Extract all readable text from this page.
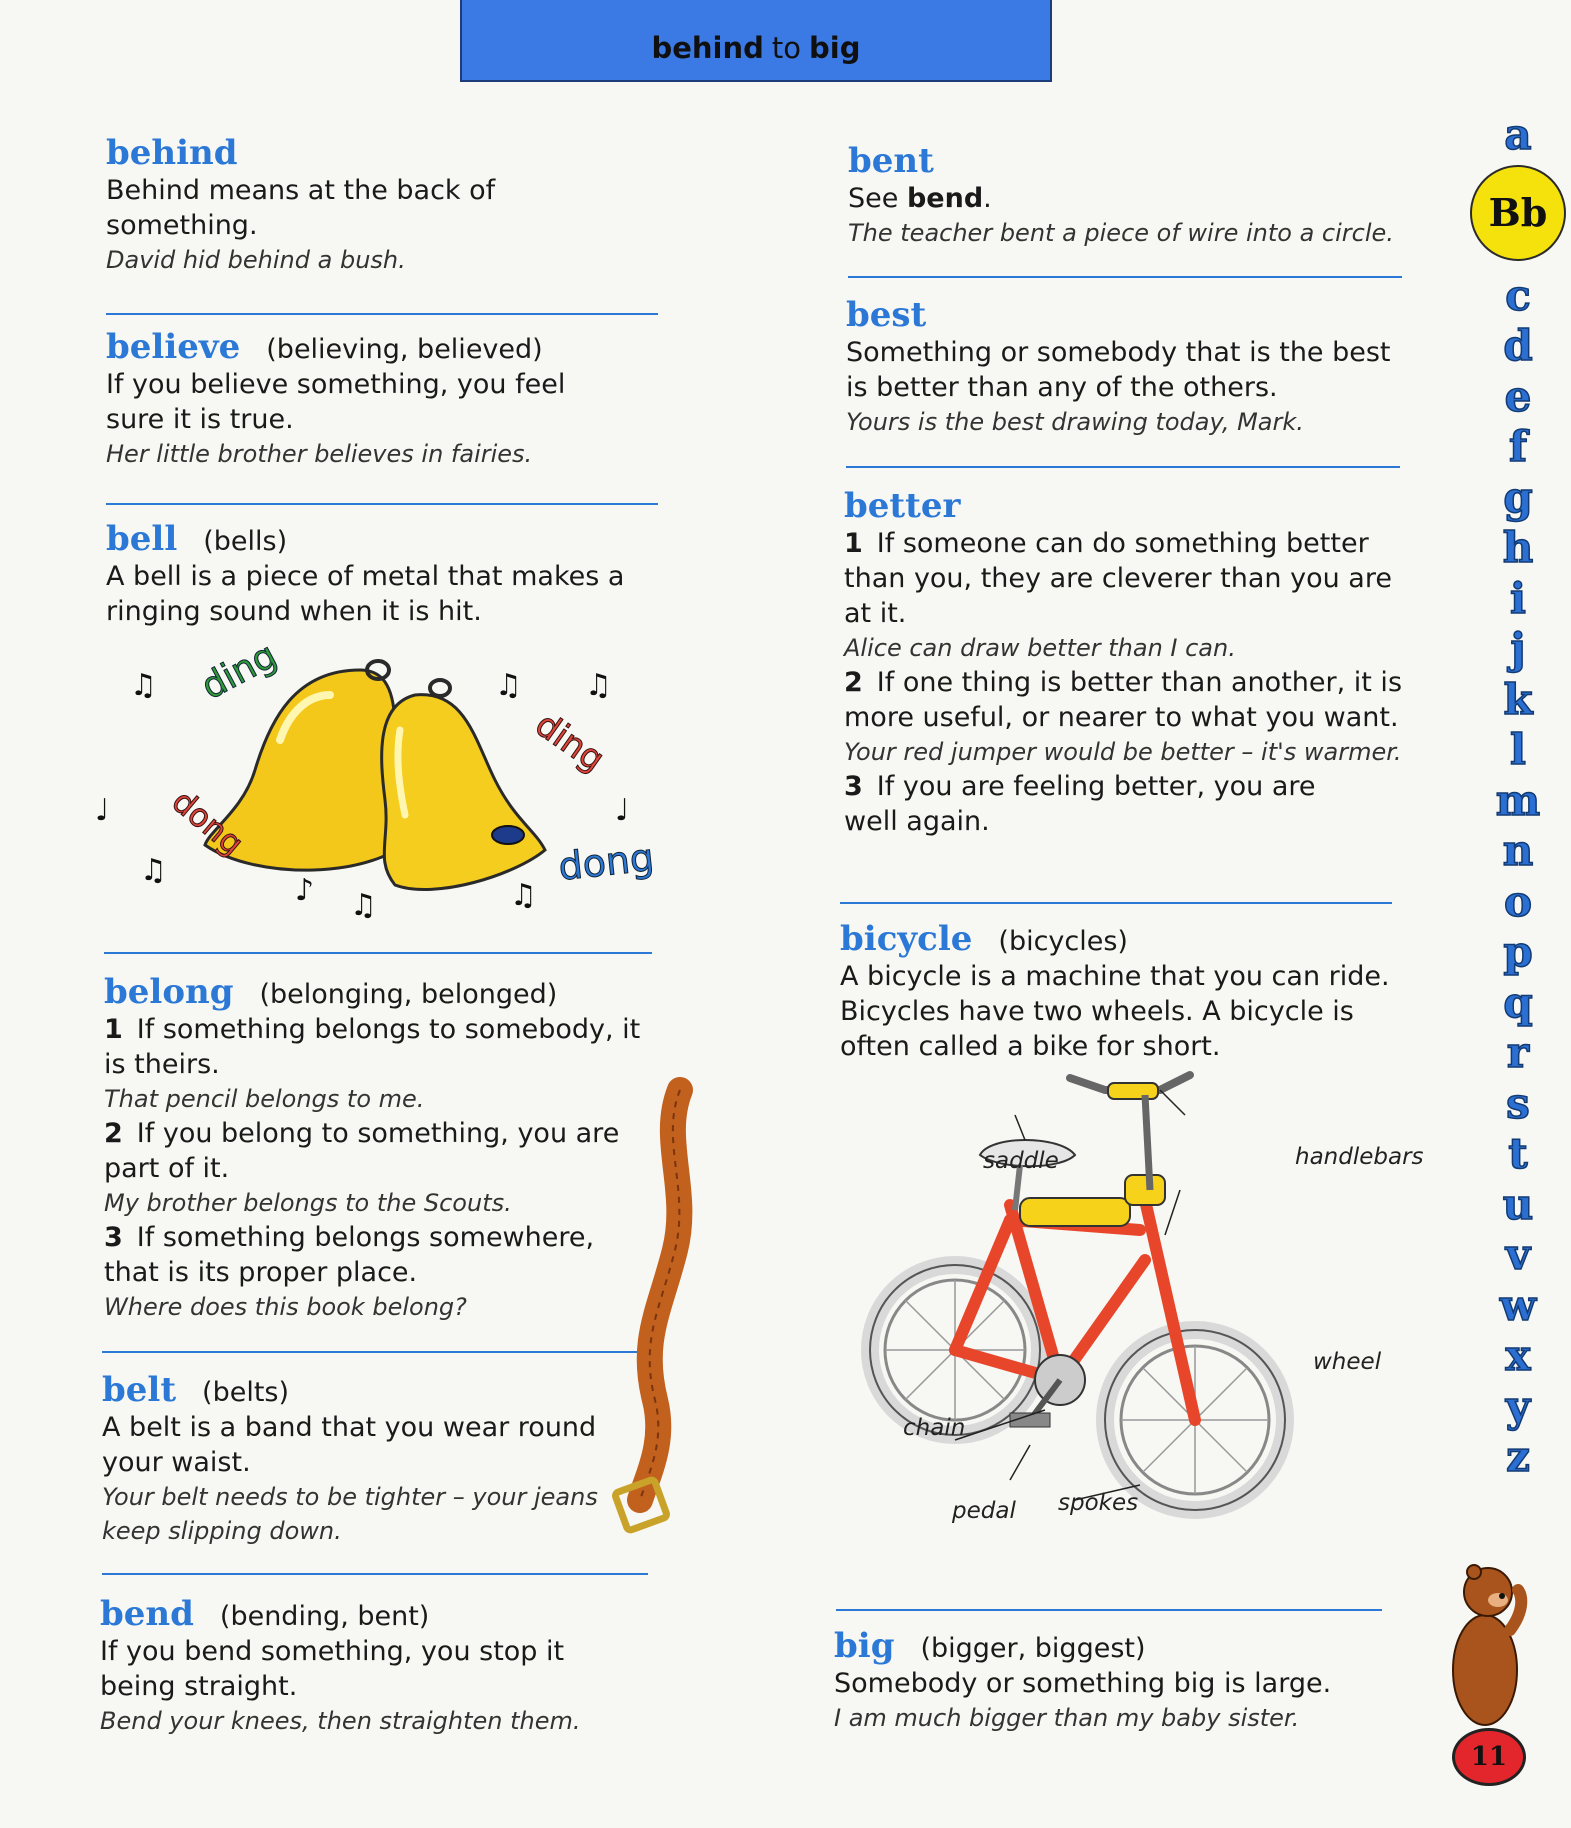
behind to big
behind
Behind means at the back of something.
David hid behind a bush.
believe (believing, believed)
If you believe something, you feel sure it is true.
Her little brother believes in fairies.
bell (bells)
A bell is a piece of metal that makes a ringing sound when it is hit.
ding
ding
dong	dong
♫	♫ ♫
♩	♩
♫
♪ ♫	♫
belong (belonging, belonged)
1 If something belongs to somebody, it is theirs.
That pencil belongs to me.
2 If you belong to something, you are part of it.
My brother belongs to the Scouts.
3 If something belongs somewhere, that is its proper place.
Where does this book belong?
belt (belts)
A belt is a band that you wear round your waist.
Your belt needs to be tighter – your jeans keep slipping down.
bend (bending, bent)
If you bend something, you stop it being straight.
Bend your knees, then straighten them.
bent
See bend.
The teacher bent a piece of wire into a circle.
best
Something or somebody that is the best is better than any of the others.
Yours is the best drawing today, Mark.
better
1 If someone can do something better than you, they are cleverer than you are at it.
Alice can draw better than I can.
2 If one thing is better than another, it is more useful, or nearer to what you want.
Your red jumper would be better – it's warmer.
3 If you are feeling better, you are well again.
bicycle (bicycles)
A bicycle is a machine that you can ride. Bicycles have two wheels. A bicycle is often called a bike for short.
saddle	handlebars
wheel
chain
pedal spokes
big (bigger, biggest)
Somebody or something big is large.
I am much bigger than my baby sister.
a
Bb
c
d
e
f
g
h
i
j
k
l
m
n
o
p
q
r
s
t
u
v
w
x
y
z
11
